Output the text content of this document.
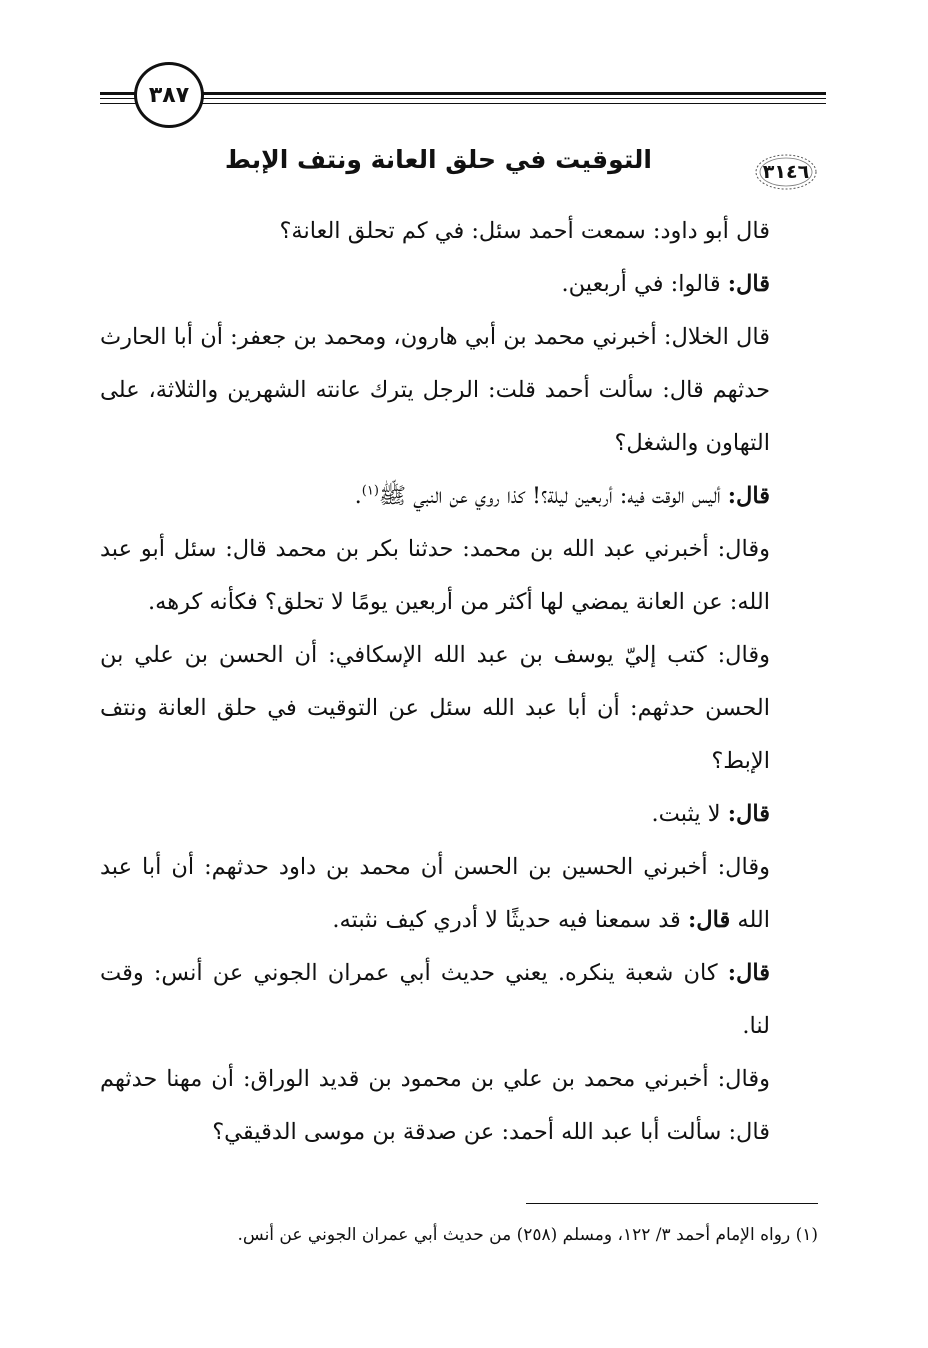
٣٨٧
٣١٤٦
التوقيت في حلق العانة ونتف الإبط

قال أبو داود: سمعت أحمد سئل: في كم تحلق العانة؟

قال: قالوا: في أربعين.

قال الخلال: أخبرني محمد بن أبي هارون، ومحمد بن جعفر: أن أبا الحارث حدثهم قال: سألت أحمد قلت: الرجل يترك عانته الشهرين والثلاثة، على التهاون والشغل؟

قال: أليس الوقت فيه: أربعين ليلة؟! كذا روي عن النبي ﷺ$^{(١)}$.

وقال: أخبرني عبد الله بن محمد: حدثنا بكر بن محمد قال: سئل أبو عبد الله: عن العانة يمضي لها أكثر من أربعين يومًا لا تحلق؟ فكأنه كرهه.

وقال: كتب إليّ يوسف بن عبد الله الإسكافي: أن الحسن بن علي بن الحسن حدثهم: أن أبا عبد الله سئل عن التوقيت في حلق العانة ونتف الإبط؟

قال: لا يثبت.

وقال: أخبرني الحسين بن الحسن أن محمد بن داود حدثهم: أن أبا عبد الله قال: قد سمعنا فيه حديثًا لا أدري كيف نثبته.

قال: كان شعبة ينكره. يعني حديث أبي عمران الجوني عن أنس: وقت لنا.

وقال: أخبرني محمد بن علي بن محمود بن قديد الوراق: أن مهنا حدثهم قال: سألت أبا عبد الله أحمد: عن صدقة بن موسى الدقيقي؟

(١) رواه الإمام أحمد ٣/ ١٢٢، ومسلم (٢٥٨) من حديث أبي عمران الجوني عن أنس.
